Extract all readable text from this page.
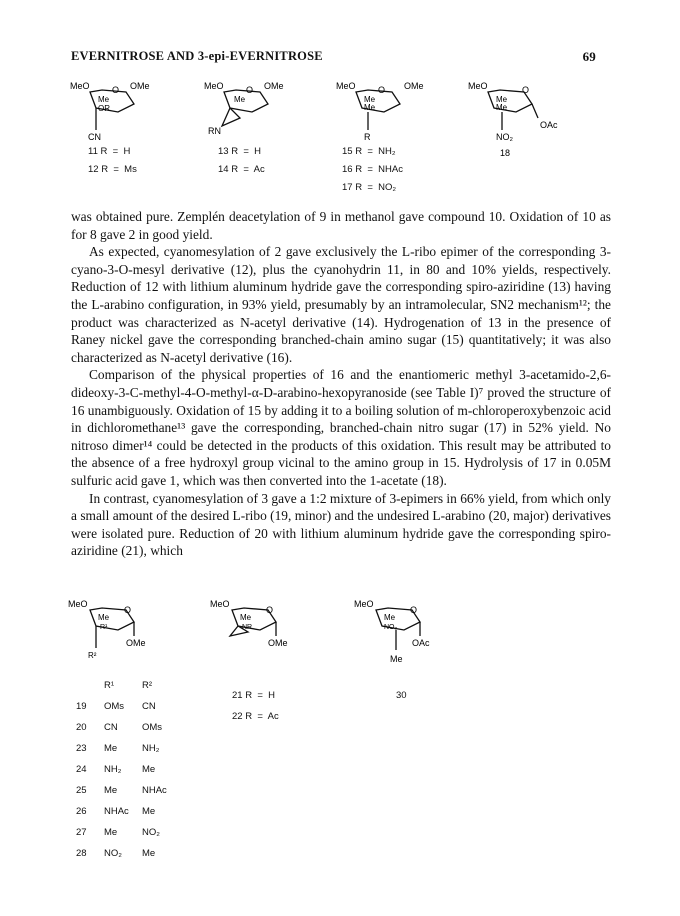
EVERNITROSE AND 3-epi-EVERNITROSE	69
MeO O OMe
Me
OR
CN
MeO O OMe
Me
RN
MeO O OMe
Me
Me
R
MeO	O
Me
Me
OAc
NO₂
18
11 R  =  H
12 R  =  Ms
13 R  =  H
14 R  =  Ac
15 R  =  NH₂
16 R  =  NHAc
17 R  =  NO₂

was obtained pure. Zemplén deacetylation of 9 in methanol gave compound 10. Oxidation of 10 as for 8 gave 2 in good yield.

As expected, cyanomesylation of 2 gave exclusively the L-ribo epimer of the corresponding 3-cyano-3-O-mesyl derivative (12), plus the cyanohydrin 11, in 80 and 10% yields, respectively. Reduction of 12 with lithium aluminum hydride gave the corresponding spiro-aziridine (13) having the L-arabino configuration, in 93% yield, presumably by an intramolecular, SN2 mechanism¹²; the product was characterized as N-acetyl derivative (14). Hydrogenation of 13 in the presence of Raney nickel gave the corresponding branched-chain amino sugar (15) quantitatively; it was also characterized as N-acetyl derivative (16).

Comparison of the physical properties of 16 and the enantiomeric methyl 3-acetamido-2,6-dideoxy-3-C-methyl-4-O-methyl-α-D-arabino-hexopyranoside (see Table I)⁷ proved the structure of 16 unambiguously. Oxidation of 15 by adding it to a boiling solution of m-chloroperoxybenzoic acid in dichloromethane¹³ gave the corresponding, branched-chain nitro sugar (17) in 52% yield. No nitroso dimer¹⁴ could be detected in the products of this oxidation. This result may be attributed to the absence of a free hydroxyl group vicinal to the amino group in 15. Hydrolysis of 17 in 0.05M sulfuric acid gave 1, which was then converted into the 1-acetate (18).

In contrast, cyanomesylation of 3 gave a 1:2 mixture of 3-epimers in 66% yield, from which only a small amount of the desired L-ribo (19, minor) and the undesired L-arabino (20, major) derivatives were isolated pure. Reduction of 20 with lithium aluminum hydride gave the corresponding spiro-aziridine (21), which

MeO
O
Me
R¹
OMe
R²
MeO
O
Me
NR
OMe
MeO
O
Me
NO₂
OAc
Me
	R¹	R²
19	OMs	CN
20	CN	OMs
23	Me	NH₂
24	NH₂	Me
25	Me	NHAc
26	NHAc	Me
27	Me	NO₂
28	NO₂	Me
21 R  =  H
22 R  =  Ac
30
